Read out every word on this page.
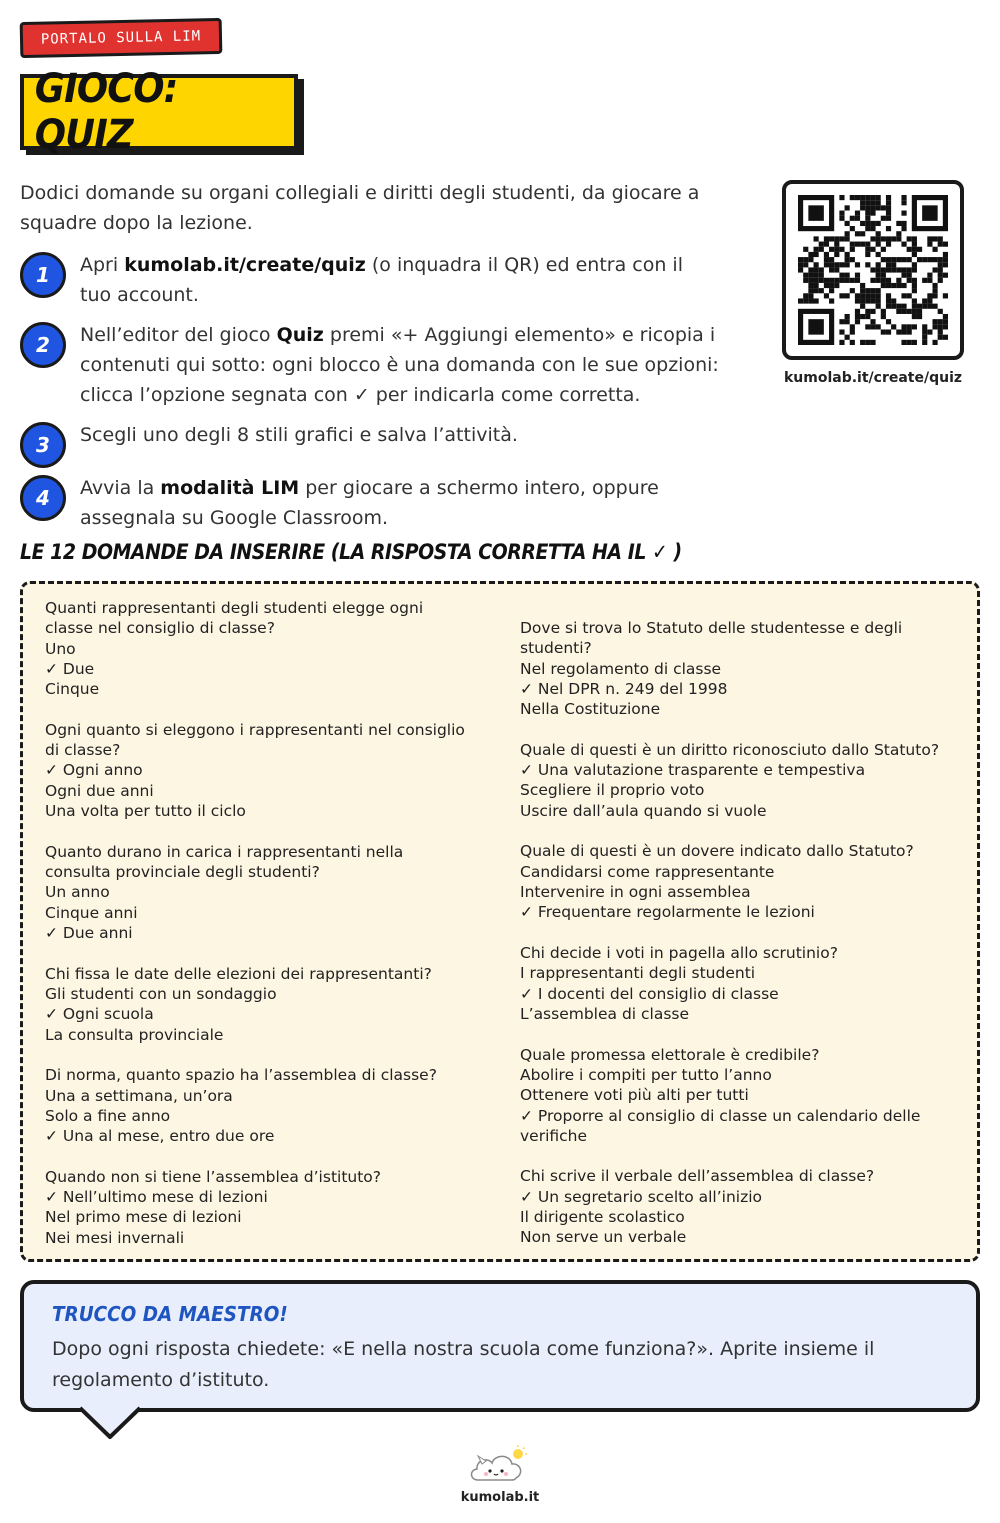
PORTALO SULLA LIM
GIOCO: QUIZ
Dodici domande su organi collegiali e diritti degli studenti, da giocare a squadre dopo la lezione.
1	Apri kumolab.it/create/quiz (o inquadra il QR) ed entra con il tuo account.
2	Nell’editor del gioco Quiz premi «+ Aggiungi elemento» e ricopia i contenuti qui sotto: ogni blocco è una domanda con le sue opzioni: clicca l’opzione segnata con ✓ per indicarla come corretta.
3	Scegli uno degli 8 stili grafici e salva l’attività.
4	Avvia la modalità LIM per giocare a schermo intero, oppure assegnala su Google Classroom.
kumolab.it/create/quiz
LE 12 DOMANDE DA INSERIRE (LA RISPOSTA CORRETTA HA IL ✓ )
Quanti rappresentanti degli studenti elegge ogni
classe nel consiglio di classe?
Uno
✓ Due
Cinque
Ogni quanto si eleggono i rappresentanti nel consiglio
di classe?
✓ Ogni anno
Ogni due anni
Una volta per tutto il ciclo
Quanto durano in carica i rappresentanti nella
consulta provinciale degli studenti?
Un anno
Cinque anni
✓ Due anni
Chi fissa le date delle elezioni dei rappresentanti?
Gli studenti con un sondaggio
✓ Ogni scuola
La consulta provinciale
Di norma, quanto spazio ha l’assemblea di classe?
Una a settimana, un’ora
Solo a fine anno
✓ Una al mese, entro due ore
Quando non si tiene l’assemblea d’istituto?
✓ Nell’ultimo mese di lezioni
Nel primo mese di lezioni
Nei mesi invernali
Dove si trova lo Statuto delle studentesse e degli
studenti?
Nel regolamento di classe
✓ Nel DPR n. 249 del 1998
Nella Costituzione
Quale di questi è un diritto riconosciuto dallo Statuto?
✓ Una valutazione trasparente e tempestiva
Scegliere il proprio voto
Uscire dall’aula quando si vuole
Quale di questi è un dovere indicato dallo Statuto?
Candidarsi come rappresentante
Intervenire in ogni assemblea
✓ Frequentare regolarmente le lezioni
Chi decide i voti in pagella allo scrutinio?
I rappresentanti degli studenti
✓ I docenti del consiglio di classe
L’assemblea di classe
Quale promessa elettorale è credibile?
Abolire i compiti per tutto l’anno
Ottenere voti più alti per tutti
✓ Proporre al consiglio di classe un calendario delle
verifiche
Chi scrive il verbale dell’assemblea di classe?
✓ Un segretario scelto all’inizio
Il dirigente scolastico
Non serve un verbale
TRUCCO DA MAESTRO!
Dopo ogni risposta chiedete: «E nella nostra scuola come funziona?». Aprite insieme il regolamento d’istituto.
kumolab.it
